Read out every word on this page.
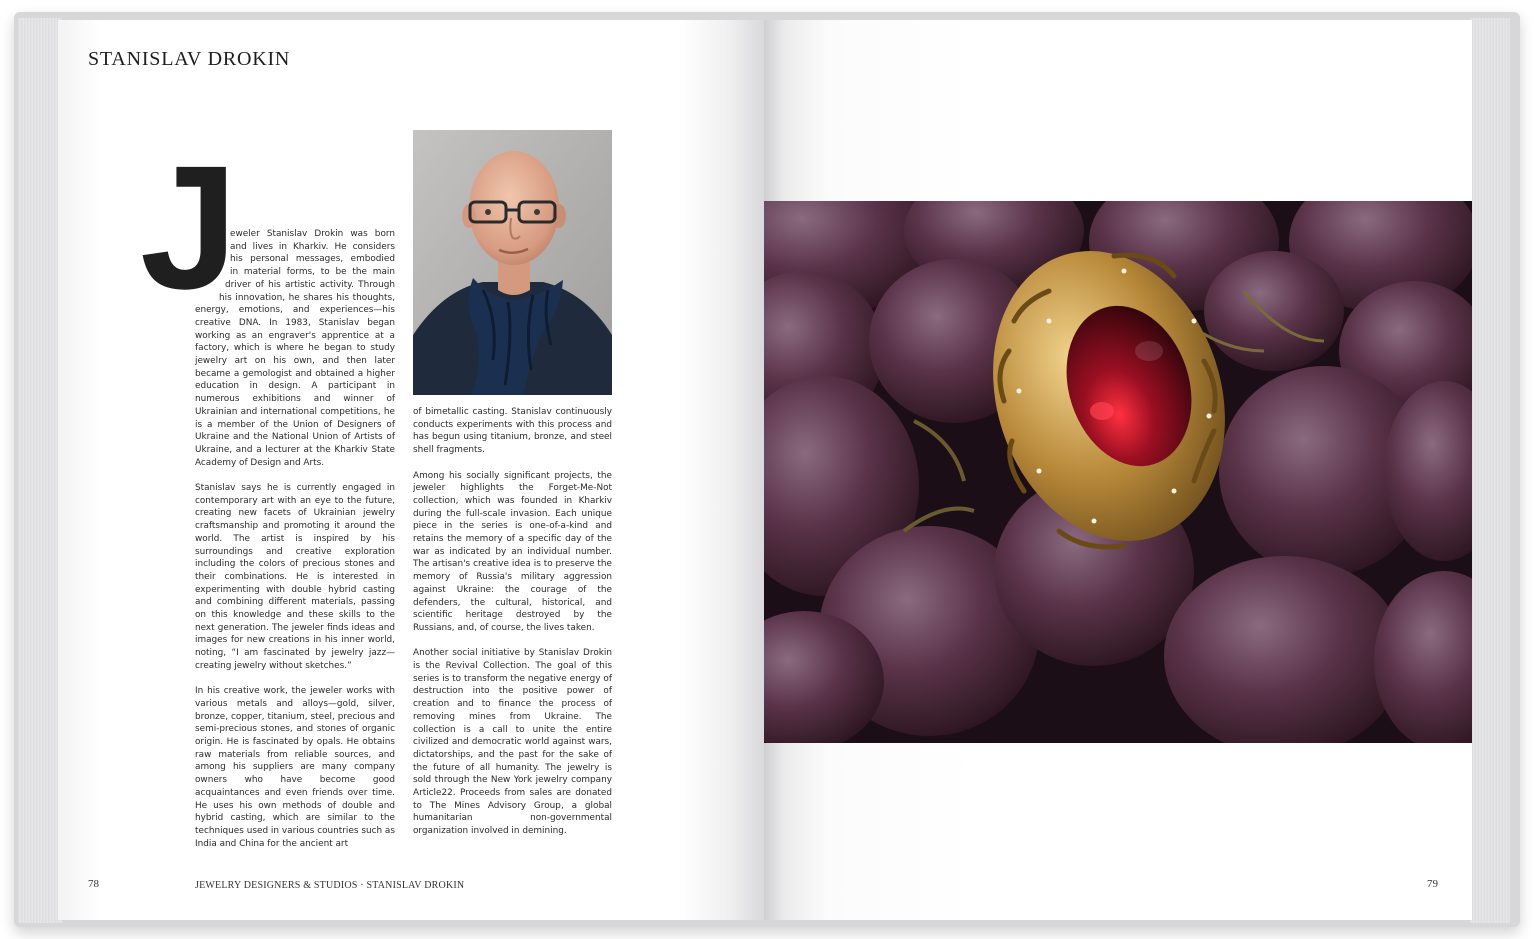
STANISLAV DROKIN
J
eweler Stanislav Drokin was born
and lives in Kharkiv. He considers
his personal messages, embodied
in material forms, to be the main
driver of his artistic activity. Through
his innovation, he shares his thoughts,

energy, emotions, and experiences—his creative DNA. In 1983, Stanislav began working as an engraver's apprentice at a factory, which is where he began to study jewelry art on his own, and then later became a gemologist and obtained a higher education in design. A participant in numerous exhibitions and winner of Ukrainian and international competitions, he is a member of the Union of Designers of Ukraine and the National Union of Artists of Ukraine, and a lecturer at the Kharkiv State Academy of Design and Arts.

Stanislav says he is currently engaged in contemporary art with an eye to the future, creating new facets of Ukrainian jewelry craftsmanship and promoting it around the world. The artist is inspired by his surroundings and creative exploration including the colors of precious stones and their combinations. He is interested in experimenting with double hybrid casting and combining different materials, passing on this knowledge and these skills to the next generation. The jeweler finds ideas and images for new creations in his inner world, noting, “I am fascinated by jewelry jazz—creating jewelry without sketches.”

In his creative work, the jeweler works with various metals and alloys—gold, silver, bronze, copper, titanium, steel, precious and semi-precious stones, and stones of organic origin. He is fascinated by opals. He obtains raw materials from reliable sources, and among his suppliers are many company owners who have become good acquaintances and even friends over time. He uses his own methods of double and hybrid casting, which are similar to the techniques used in various countries such as India and China for the ancient art

of bimetallic casting. Stanislav continuously conducts experiments with this process and has begun using titanium, bronze, and steel shell fragments.

Among his socially significant projects, the jeweler highlights the Forget-Me-Not collection, which was founded in Kharkiv during the full-scale invasion. Each unique piece in the series is one-of-a-kind and retains the memory of a specific day of the war as indicated by an individual number. The artisan's creative idea is to preserve the memory of Russia's military aggression against Ukraine: the courage of the defenders, the cultural, historical, and scientific heritage destroyed by the Russians, and, of course, the lives taken.

Another social initiative by Stanislav Drokin is the Revival Collection. The goal of this series is to transform the negative energy of destruction into the positive power of creation and to finance the process of removing mines from Ukraine. The collection is a call to unite the entire civilized and democratic world against wars, dictatorships, and the past for the sake of the future of all humanity. The jewelry is sold through the New York jewelry company Article22. Proceeds from sales are donated to The Mines Advisory Group, a global humanitarian non-governmental organization involved in demining.

78	JEWELRY DESIGNERS & STUDIOS · STANISLAV DROKIN	79
